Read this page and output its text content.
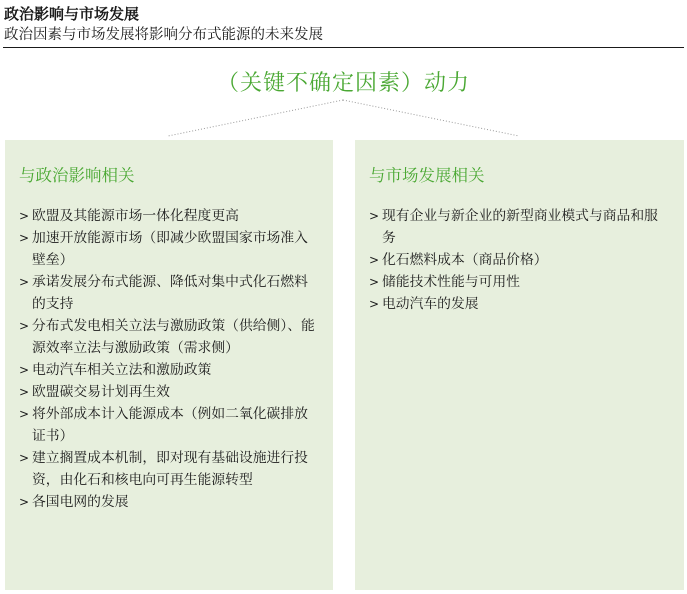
政治影响与市场发展
政治因素与市场发展将影响分布式能源的未来发展
（关键不确定因素）动力
与政治影响相关
> 欧盟及其能源市场一体化程度更高
> 加速开放能源市场（即减少欧盟国家市场准入壁垒）
> 承诺发展分布式能源、降低对集中式化石燃料的支持
> 分布式发电相关立法与激励政策（供给侧）、能源效率立法与激励政策（需求侧）
> 电动汽车相关立法和激励政策
> 欧盟碳交易计划再生效
> 将外部成本计入能源成本（例如二氧化碳排放证书）
> 建立搁置成本机制，即对现有基础设施进行投资，由化石和核电向可再生能源转型
> 各国电网的发展
与市场发展相关
> 现有企业与新企业的新型商业模式与商品和服务
> 化石燃料成本（商品价格）
> 储能技术性能与可用性
> 电动汽车的发展
